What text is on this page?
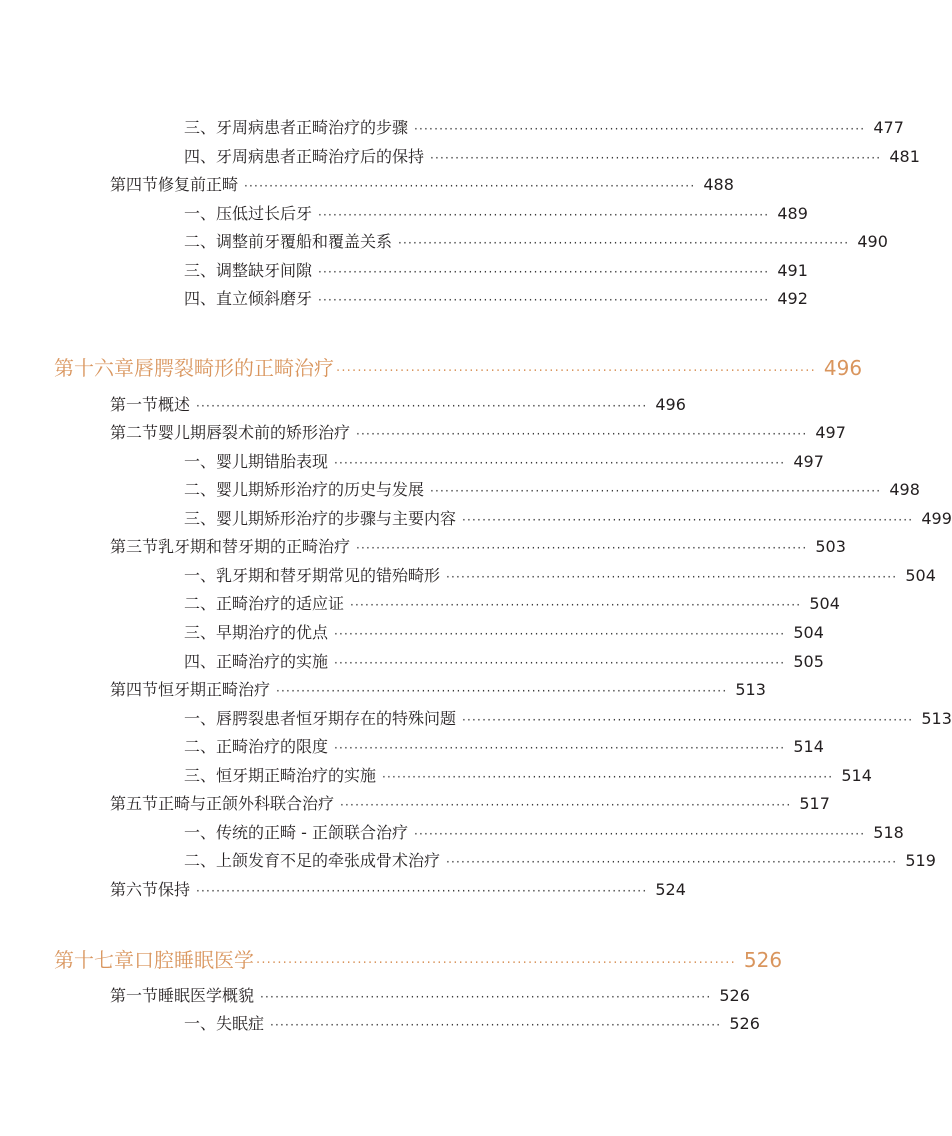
三、牙周病患者正畸治疗的步骤 ·························································································· 477
四、牙周病患者正畸治疗后的保持 ·························································································· 481
第四节 修复前正畸 ·························································································· 488
一、压低过长后牙 ·························································································· 489
二、调整前牙覆船和覆盖关系 ·························································································· 490
三、调整缺牙间隙 ·························································································· 491
四、直立倾斜磨牙 ·························································································· 492
第十六章 唇腭裂畸形的正畸治疗 ·························································································· 496
第一节 概述 ·························································································· 496
第二节 婴儿期唇裂术前的矫形治疗 ·························································································· 497
一、婴儿期错胎表现 ·························································································· 497
二、婴儿期矫形治疗的历史与发展 ·························································································· 498
三、婴儿期矫形治疗的步骤与主要内容 ·························································································· 499
第三节 乳牙期和替牙期的正畸治疗 ·························································································· 503
一、乳牙期和替牙期常见的错殆畸形 ·························································································· 504
二、正畸治疗的适应证 ·························································································· 504
三、早期治疗的优点 ·························································································· 504
四、正畸治疗的实施 ·························································································· 505
第四节 恒牙期正畸治疗 ·························································································· 513
一、唇腭裂患者恒牙期存在的特殊问题 ·························································································· 513
二、正畸治疗的限度 ·························································································· 514
三、恒牙期正畸治疗的实施 ·························································································· 514
第五节 正畸与正颌外科联合治疗 ·························································································· 517
一、传统的正畸 - 正颌联合治疗 ·························································································· 518
二、上颌发育不足的牵张成骨术治疗 ·························································································· 519
第六节 保持 ·························································································· 524
第十七章 口腔睡眠医学 ·························································································· 526
第一节 睡眠医学概貌 ·························································································· 526
一、失眠症 ·························································································· 526
